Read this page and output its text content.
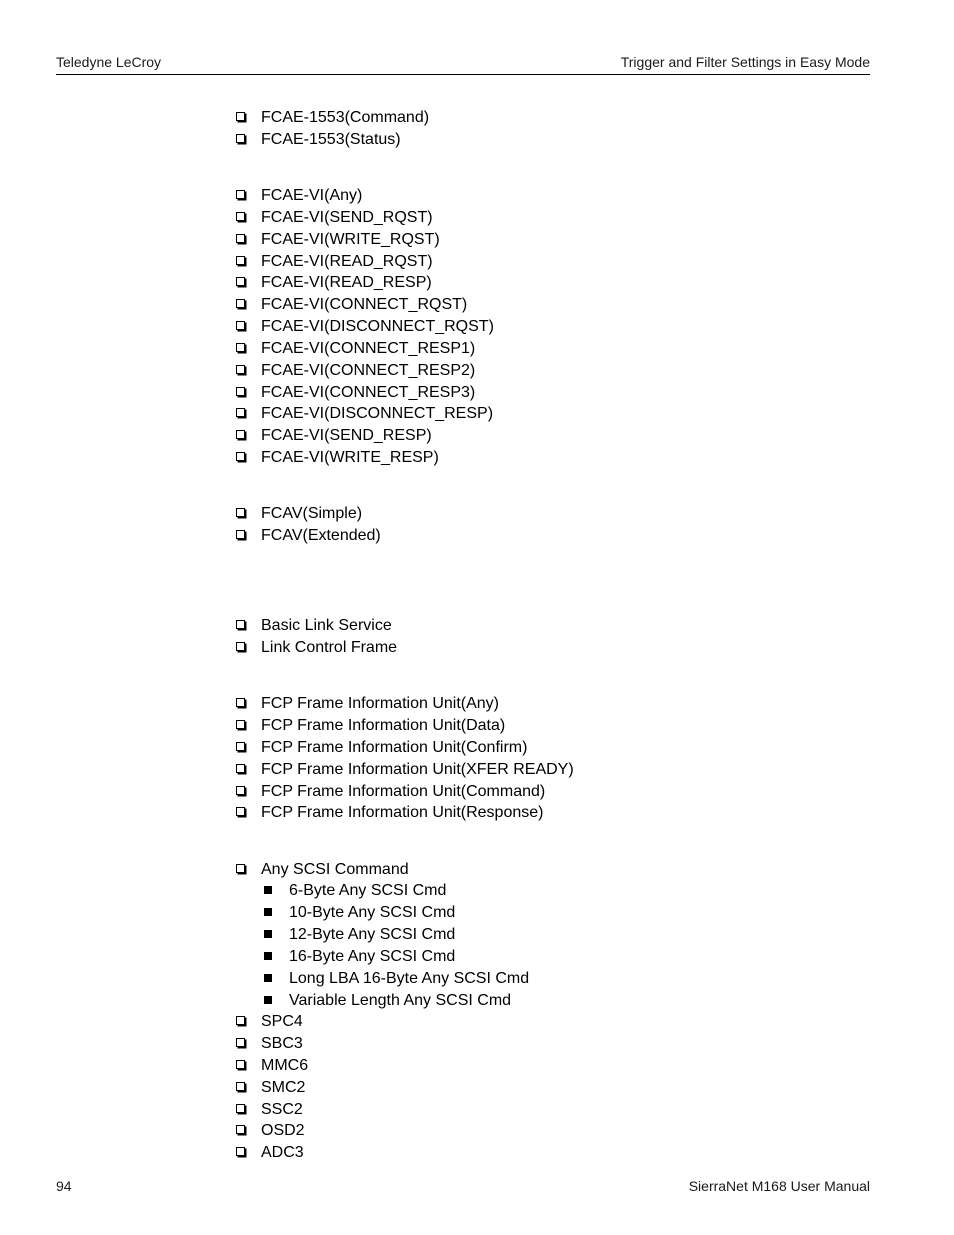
Teledyne LeCroy	Trigger and Filter Settings in Easy Mode
FCAE-1553(Command)
FCAE-1553(Status)
FCAE-VI(Any)
FCAE-VI(SEND_RQST)
FCAE-VI(WRITE_RQST)
FCAE-VI(READ_RQST)
FCAE-VI(READ_RESP)
FCAE-VI(CONNECT_RQST)
FCAE-VI(DISCONNECT_RQST)
FCAE-VI(CONNECT_RESP1)
FCAE-VI(CONNECT_RESP2)
FCAE-VI(CONNECT_RESP3)
FCAE-VI(DISCONNECT_RESP)
FCAE-VI(SEND_RESP)
FCAE-VI(WRITE_RESP)
FCAV(Simple)
FCAV(Extended)
Basic Link Service
Link Control Frame
FCP Frame Information Unit(Any)
FCP Frame Information Unit(Data)
FCP Frame Information Unit(Confirm)
FCP Frame Information Unit(XFER READY)
FCP Frame Information Unit(Command)
FCP Frame Information Unit(Response)
Any SCSI Command
6-Byte Any SCSI Cmd
10-Byte Any SCSI Cmd
12-Byte Any SCSI Cmd
16-Byte Any SCSI Cmd
Long LBA 16-Byte Any SCSI Cmd
Variable Length Any SCSI Cmd
SPC4
SBC3
MMC6
SMC2
SSC2
OSD2
ADC3
94	SierraNet M168 User Manual
